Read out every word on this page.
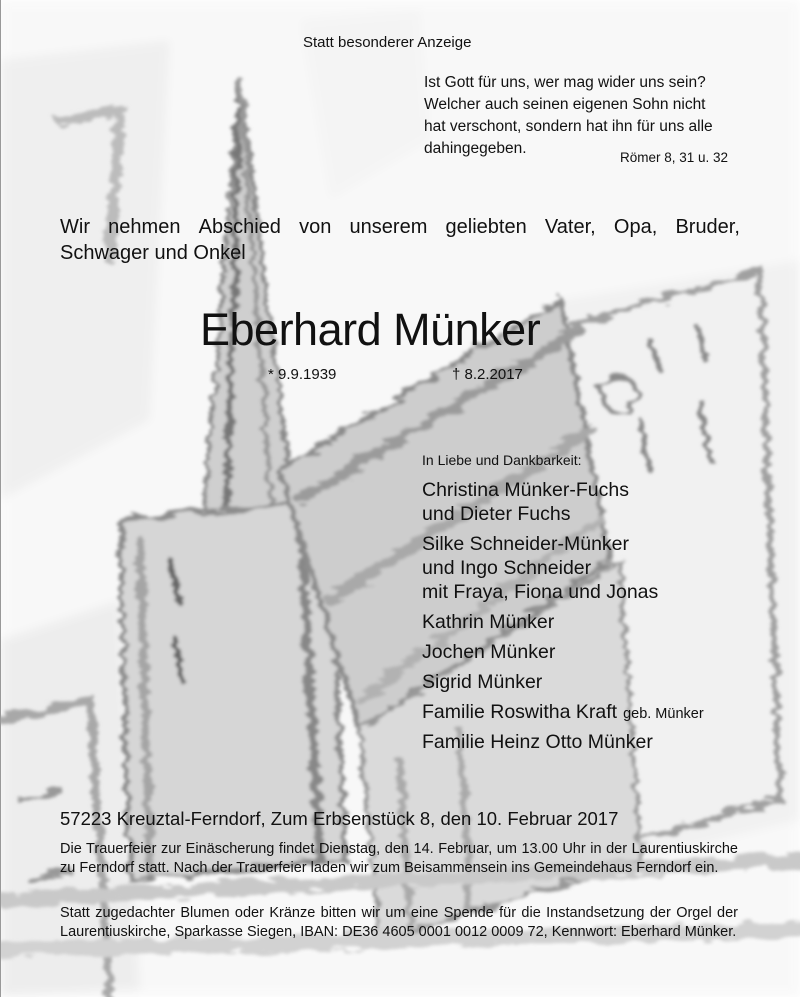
Statt besonderer Anzeige
Ist Gott für uns, wer mag wider uns sein?
Welcher auch seinen eigenen Sohn nicht
hat verschont, sondern hat ihn für uns alle
dahingegeben.
Römer 8, 31 u. 32
Wir nehmen Abschied von unserem geliebten Vater, Opa, Bruder,
Schwager und Onkel
Eberhard Münker
* 9.9.1939	† 8.2.2017
In Liebe und Dankbarkeit:
Christina Münker-Fuchs
und Dieter Fuchs
Silke Schneider-Münker
und Ingo Schneider
mit Fraya, Fiona und Jonas
Kathrin Münker
Jochen Münker
Sigrid Münker
Familie Roswitha Kraft geb. Münker
Familie Heinz Otto Münker
57223 Kreuztal-Ferndorf, Zum Erbsenstück 8, den 10. Februar 2017
Die Trauerfeier zur Einäscherung findet Dienstag, den 14. Februar, um 13.00 Uhr in der Laurentiuskirche zu Ferndorf statt. Nach der Trauerfeier laden wir zum Beisammensein ins Gemeindehaus Ferndorf ein.
Statt zugedachter Blumen oder Kränze bitten wir um eine Spende für die Instandsetzung der Orgel der Laurentiuskirche, Sparkasse Siegen, IBAN: DE36 4605 0001 0012 0009 72, Kennwort: Eberhard Münker.
